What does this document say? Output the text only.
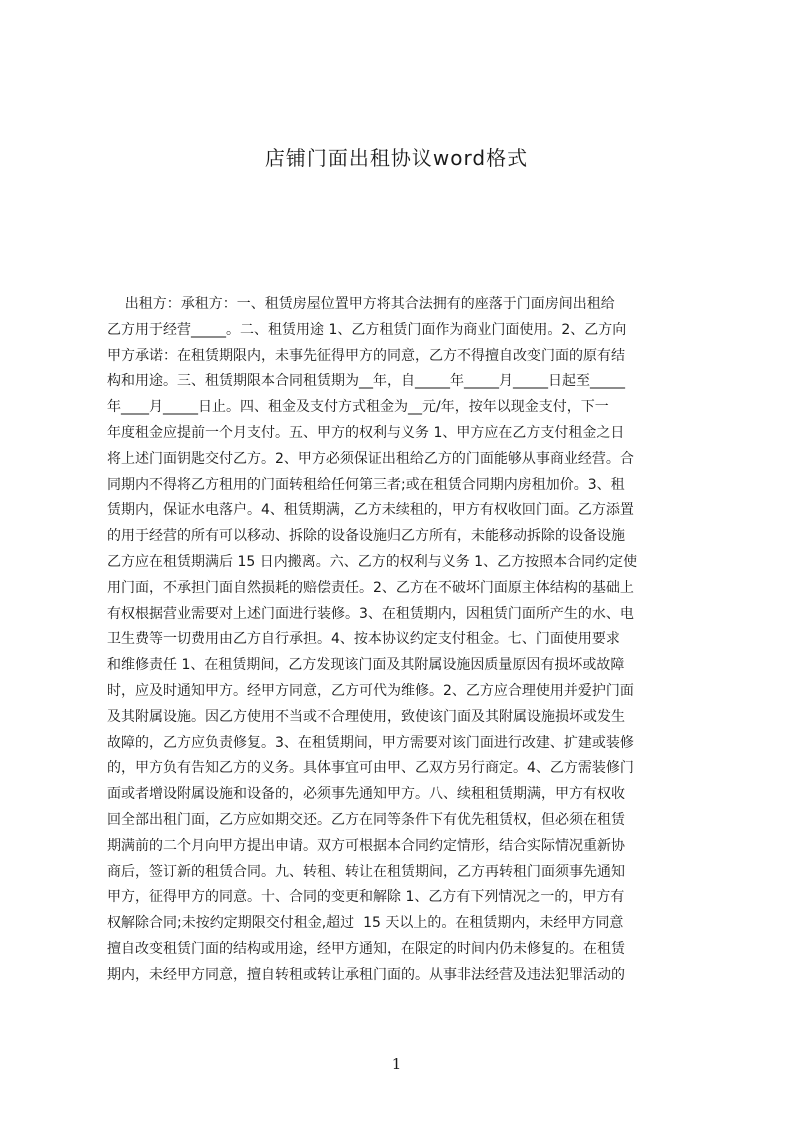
店铺门面出租协议word格式
出租方：承租方：一、租赁房屋位置甲方将其合法拥有的座落于门面房间出租给
乙方用于经营_____。二、租赁用途 1、乙方租赁门面作为商业门面使用。2、乙方向
甲方承诺：在租赁期限内，未事先征得甲方的同意，乙方不得擅自改变门面的原有结
构和用途。三、租赁期限本合同租赁期为__年，自_____年_____月_____日起至_____
年____月_____日止。四、租金及支付方式租金为__元/年，按年以现金支付，下一
年度租金应提前一个月支付。五、甲方的权利与义务 1、甲方应在乙方支付租金之日
将上述门面钥匙交付乙方。2、甲方必须保证出租给乙方的门面能够从事商业经营。合
同期内不得将乙方租用的门面转租给任何第三者;或在租赁合同期内房租加价。3、租
赁期内，保证水电落户。4、租赁期满，乙方未续租的，甲方有权收回门面。乙方添置
的用于经营的所有可以移动、拆除的设备设施归乙方所有，未能移动拆除的设备设施
乙方应在租赁期满后 15 日内搬离。六、乙方的权利与义务 1、乙方按照本合同约定使
用门面，不承担门面自然损耗的赔偿责任。2、乙方在不破坏门面原主体结构的基础上
有权根据营业需要对上述门面进行装修。3、在租赁期内，因租赁门面所产生的水、电
卫生费等一切费用由乙方自行承担。4、按本协议约定支付租金。七、门面使用要求
和维修责任 1、在租赁期间，乙方发现该门面及其附属设施因质量原因有损坏或故障
时，应及时通知甲方。经甲方同意，乙方可代为维修。2、乙方应合理使用并爱护门面
及其附属设施。因乙方使用不当或不合理使用，致使该门面及其附属设施损坏或发生
故障的，乙方应负责修复。3、在租赁期间，甲方需要对该门面进行改建、扩建或装修
的，甲方负有告知乙方的义务。具体事宜可由甲、乙双方另行商定。4、乙方需装修门
面或者增设附属设施和设备的，必须事先通知甲方。八、续租租赁期满，甲方有权收
回全部出租门面，乙方应如期交还。乙方在同等条件下有优先租赁权，但必须在租赁
期满前的二个月向甲方提出申请。双方可根据本合同约定情形，结合实际情况重新协
商后，签订新的租赁合同。九、转租、转让在租赁期间，乙方再转租门面须事先通知
甲方，征得甲方的同意。十、合同的变更和解除 1、乙方有下列情况之一的，甲方有
权解除合同;未按约定期限交付租金,超过  15 天以上的。在租赁期内，未经甲方同意
擅自改变租赁门面的结构或用途，经甲方通知，在限定的时间内仍未修复的。在租赁
期内，未经甲方同意，擅自转租或转让承租门面的。从事非法经营及违法犯罪活动的
1
